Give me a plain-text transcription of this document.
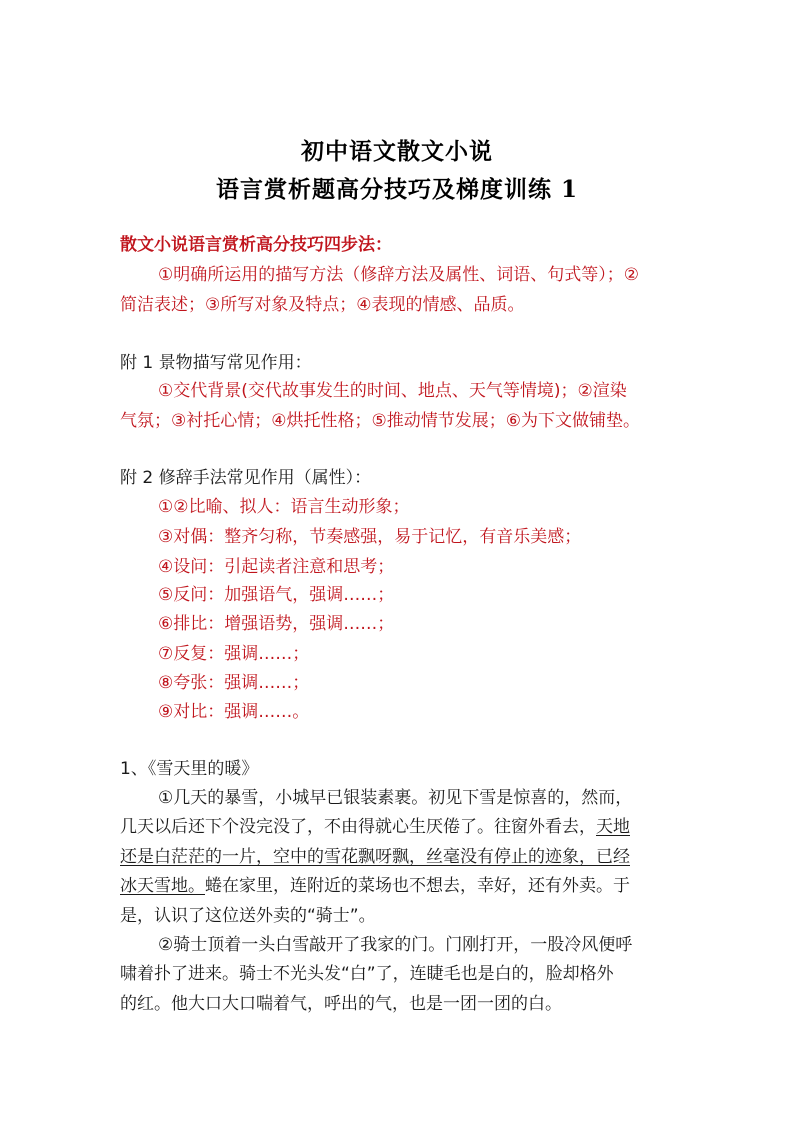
初中语文散文小说
语言赏析题高分技巧及梯度训练 1
散文小说语言赏析高分技巧四步法：
①明确所运用的描写方法（修辞方法及属性、词语、句式等）；②
简洁表述；③所写对象及特点；④表现的情感、品质。
附 1 景物描写常见作用：
①交代背景(交代故事发生的时间、地点、天气等情境)；②渲染
气氛；③衬托心情；④烘托性格；⑤推动情节发展；⑥为下文做铺垫。
附 2 修辞手法常见作用（属性）：
①②比喻、拟人：语言生动形象；
③对偶：整齐匀称，节奏感强，易于记忆，有音乐美感；
④设问：引起读者注意和思考；
⑤反问：加强语气，强调……；
⑥排比：增强语势，强调……；
⑦反复：强调……；
⑧夸张：强调……；
⑨对比：强调……。
1、《雪天里的暖》
①几天的暴雪，小城早已银装素裹。初见下雪是惊喜的，然而，
几天以后还下个没完没了，不由得就心生厌倦了。往窗外看去，天地
还是白茫茫的一片，空中的雪花飘呀飘，丝毫没有停止的迹象，已经
冰天雪地。蜷在家里，连附近的菜场也不想去，幸好，还有外卖。于
是，认识了这位送外卖的“骑士”。
②骑士顶着一头白雪敲开了我家的门。门刚打开，一股冷风便呼
啸着扑了进来。骑士不光头发“白”了，连睫毛也是白的，脸却格外
的红。他大口大口喘着气，呼出的气，也是一团一团的白。
